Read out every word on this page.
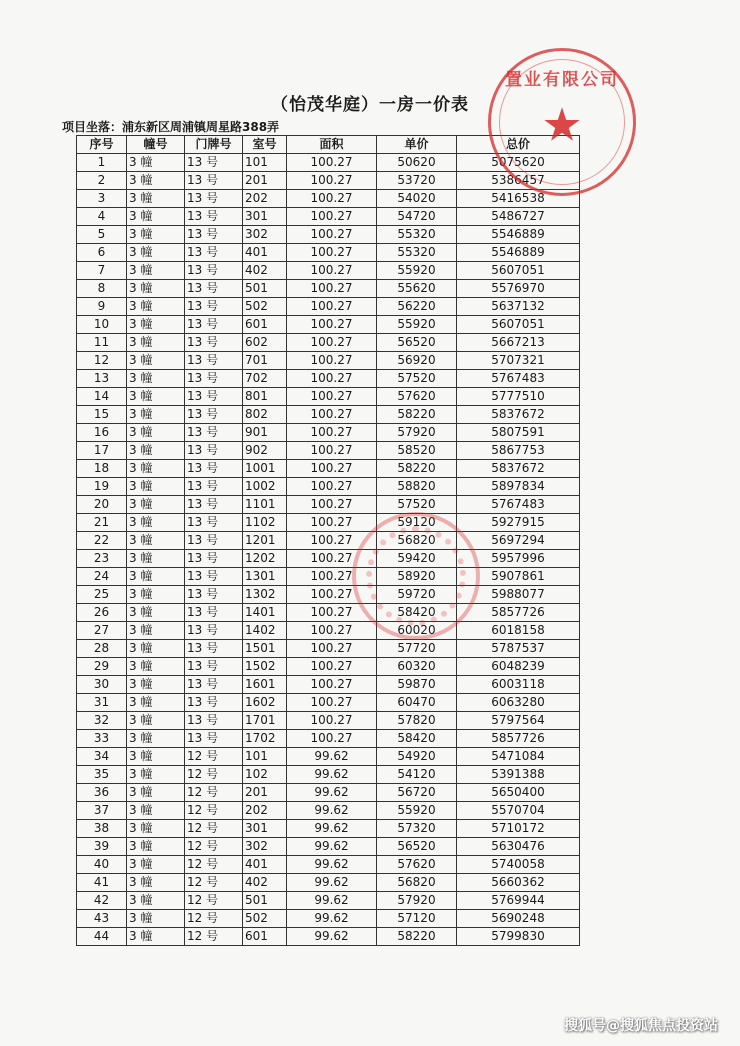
（怡茂华庭）一房一价表
项目坐落：浦东新区周浦镇周星路388弄
序号	幢号	门牌号	室号	面积	单价	总价
1	3 幢	13 号	101	100.27	50620	5075620
2	3 幢	13 号	201	100.27	53720	5386457
3	3 幢	13 号	202	100.27	54020	5416538
4	3 幢	13 号	301	100.27	54720	5486727
5	3 幢	13 号	302	100.27	55320	5546889
6	3 幢	13 号	401	100.27	55320	5546889
7	3 幢	13 号	402	100.27	55920	5607051
8	3 幢	13 号	501	100.27	55620	5576970
9	3 幢	13 号	502	100.27	56220	5637132
10	3 幢	13 号	601	100.27	55920	5607051
11	3 幢	13 号	602	100.27	56520	5667213
12	3 幢	13 号	701	100.27	56920	5707321
13	3 幢	13 号	702	100.27	57520	5767483
14	3 幢	13 号	801	100.27	57620	5777510
15	3 幢	13 号	802	100.27	58220	5837672
16	3 幢	13 号	901	100.27	57920	5807591
17	3 幢	13 号	902	100.27	58520	5867753
18	3 幢	13 号	1001	100.27	58220	5837672
19	3 幢	13 号	1002	100.27	58820	5897834
20	3 幢	13 号	1101	100.27	57520	5767483
21	3 幢	13 号	1102	100.27	59120	5927915
22	3 幢	13 号	1201	100.27	56820	5697294
23	3 幢	13 号	1202	100.27	59420	5957996
24	3 幢	13 号	1301	100.27	58920	5907861
25	3 幢	13 号	1302	100.27	59720	5988077
26	3 幢	13 号	1401	100.27	58420	5857726
27	3 幢	13 号	1402	100.27	60020	6018158
28	3 幢	13 号	1501	100.27	57720	5787537
29	3 幢	13 号	1502	100.27	60320	6048239
30	3 幢	13 号	1601	100.27	59870	6003118
31	3 幢	13 号	1602	100.27	60470	6063280
32	3 幢	13 号	1701	100.27	57820	5797564
33	3 幢	13 号	1702	100.27	58420	5857726
34	3 幢	12 号	101	99.62	54920	5471084
35	3 幢	12 号	102	99.62	54120	5391388
36	3 幢	12 号	201	99.62	56720	5650400
37	3 幢	12 号	202	99.62	55920	5570704
38	3 幢	12 号	301	99.62	57320	5710172
39	3 幢	12 号	302	99.62	56520	5630476
40	3 幢	12 号	401	99.62	57620	5740058
41	3 幢	12 号	402	99.62	56820	5660362
42	3 幢	12 号	501	99.62	57920	5769944
43	3 幢	12 号	502	99.62	57120	5690248
44	3 幢	12 号	601	99.62	58220	5799830
置业有限公司
★
搜狐号@搜狐焦点投资站
